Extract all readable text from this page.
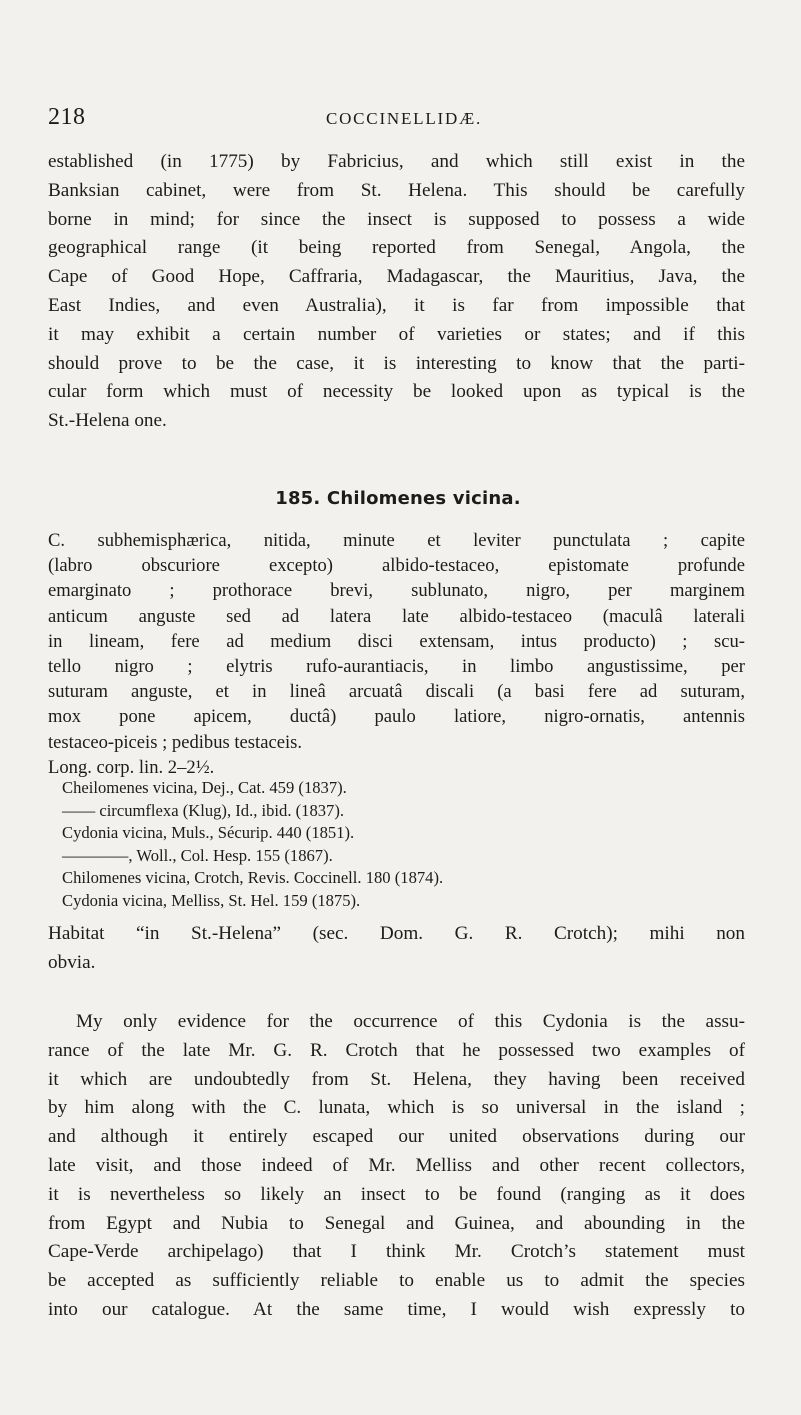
218	COCCINELLIDÆ.

established (in 1775) by Fabricius, and which still exist in the
Banksian cabinet, were from St. Helena. This should be carefully
borne in mind; for since the insect is supposed to possess a wide
geographical range (it being reported from Senegal, Angola, the
Cape of Good Hope, Caffraria, Madagascar, the Mauritius, Java, the
East Indies, and even Australia), it is far from impossible that
it may exhibit a certain number of varieties or states; and if this
should prove to be the case, it is interesting to know that the parti-
cular form which must of necessity be looked upon as typical is the
St.-Helena one.

185. Chilomenes vicina.

C. subhemisphærica, nitida, minute et leviter punctulata ; capite
(labro obscuriore excepto) albido-testaceo, epistomate profunde
emarginato ; prothorace brevi, sublunato, nigro, per marginem
anticum anguste sed ad latera late albido-testaceo (maculâ laterali
in lineam, fere ad medium disci extensam, intus producto) ; scu-
tello nigro ; elytris rufo-aurantiacis, in limbo angustissime, per
suturam anguste, et in lineâ arcuatâ discali (a basi fere ad suturam,
mox pone apicem, ductâ) paulo latiore, nigro-ornatis, antennis
testaceo-piceis ; pedibus testaceis.

Long. corp. lin. 2–2½.

Cheilomenes vicina, Dej., Cat. 459 (1837).
—— circumflexa (Klug), Id., ibid. (1837).
Cydonia vicina, Muls., Sécurip. 440 (1851).
————, Woll., Col. Hesp. 155 (1867).
Chilomenes vicina, Crotch, Revis. Coccinell. 180 (1874).
Cydonia vicina, Melliss, St. Hel. 159 (1875).

Habitat “in St.-Helena” (sec. Dom. G. R. Crotch); mihi non
obvia.

My only evidence for the occurrence of this Cydonia is the assu-
rance of the late Mr. G. R. Crotch that he possessed two examples of
it which are undoubtedly from St. Helena, they having been received
by him along with the C. lunata, which is so universal in the island ;
and although it entirely escaped our united observations during our
late visit, and those indeed of Mr. Melliss and other recent collectors,
it is nevertheless so likely an insect to be found (ranging as it does
from Egypt and Nubia to Senegal and Guinea, and abounding in the
Cape-Verde archipelago) that I think Mr. Crotch’s statement must
be accepted as sufficiently reliable to enable us to admit the species
into our catalogue. At the same time, I would wish expressly to
